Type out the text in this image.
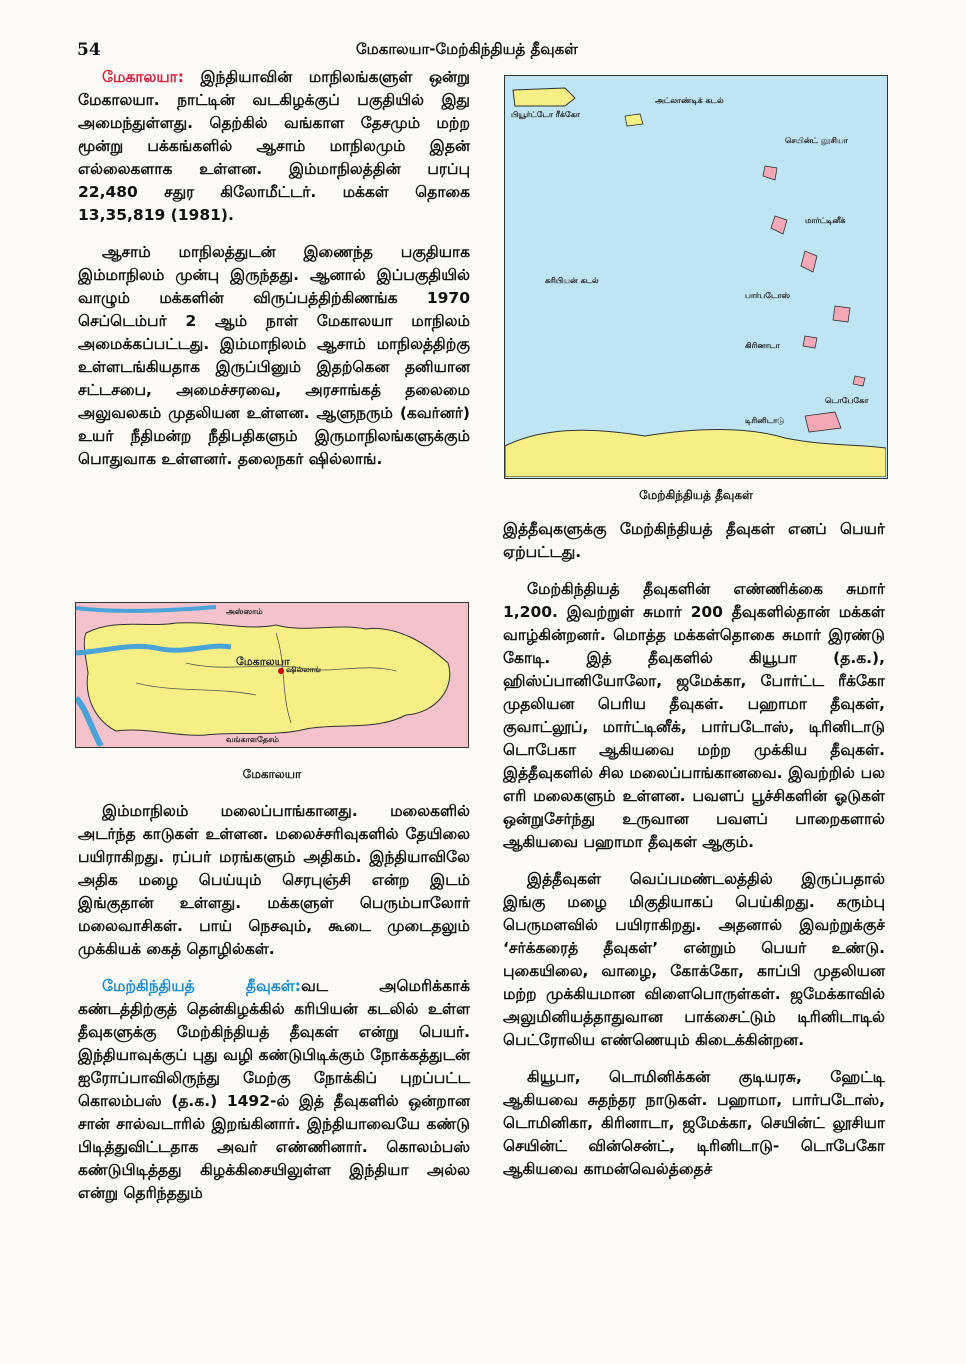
54	மேகாலயா-மேற்கிந்தியத் தீவுகள்

மேகாலயா: இந்தியாவின் மாநிலங்களுள் ஒன்று மேகாலயா. நாட்டின் வடகிழக்குப் பகுதியில் இது அமைந்துள்ளது. தெற்கில் வங்காள தேசமும் மற்ற மூன்று பக்கங்களில் ஆசாம் மாநிலமும் இதன் எல்லைகளாக உள்ளன. இம்மாநிலத்தின் பரப்பு 22,480 சதுர கிலோமீட்டர். மக்கள் தொகை 13,35,819 (1981).

ஆசாம் மாநிலத்துடன் இணைந்த பகுதியாக இம்மாநிலம் முன்பு இருந்தது. ஆனால் இப்பகுதியில் வாழும் மக்களின் விருப்பத்திற்கிணங்க 1970 செப்டெம்பர் 2 ஆம் நாள் மேகாலயா மாநிலம் அமைக்கப்பட்டது. இம்மாநிலம் ஆசாம் மாநிலத்திற்கு உள்ளடங்கியதாக இருப்பினும் இதற்கென தனியான சட்டசபை, அமைச்சரவை, அரசாங்கத் தலைமை அலுவலகம் முதலியன உள்ளன. ஆளுநரும் (கவர்னர்) உயர் நீதிமன்ற நீதிபதிகளும் இருமாநிலங்களுக்கும் பொதுவாக உள்ளனர். தலைநகர் ஷில்லாங்.

அஸ்ஸாம்
மேகாலயா
ஷில்லாங்
வங்காளதேசம்
மேகாலயா

இம்மாநிலம் மலைப்பாங்கானது. மலைகளில் அடர்ந்த காடுகள் உள்ளன. மலைச்சரிவுகளில் தேயிலை பயிராகிறது. ரப்பர் மரங்களும் அதிகம். இந்தியாவிலே அதிக மழை பெய்யும் செரபுஞ்சி என்ற இடம் இங்குதான் உள்ளது. மக்களுள் பெரும்பாலோர் மலைவாசிகள். பாய் நெசவும், கூடை முடைதலும் முக்கியக் கைத் தொழில்கள்.

மேற்கிந்தியத் தீவுகள்:வட அமெரிக்காக் கண்டத்திற்குத் தென்கிழக்கில் கரிபியன் கடலில் உள்ள தீவுகளுக்கு மேற்கிந்தியத் தீவுகள் என்று பெயர். இந்தியாவுக்குப் புது வழி கண்டுபிடிக்கும் நோக்கத்துடன் ஐரோப்பாவிலிருந்து மேற்கு நோக்கிப் புறப்பட்ட கொலம்பஸ் (த.க.) 1492-ல் இத் தீவுகளில் ஒன்றான சான் சால்வடாரில் இறங்கினார். இந்தியாவையே கண்டு பிடித்துவிட்டதாக அவர் எண்ணினார். கொலம்பஸ் கண்டுபிடித்தது கிழக்கிசையிலுள்ள இந்தியா அல்ல என்று தெரிந்ததும்

பியூர்ட்டோ ரீக்கோ
அட்லாண்டிக் கடல்
கரிபியன் கடல்
செயின்ட் லூசியா
மார்ட்டினீக்
பார்படோஸ்
கிரினாடா
டொபேகோ
டிரினிடாடு
மேற்கிந்தியத் தீவுகள்

இத்தீவுகளுக்கு மேற்கிந்தியத் தீவுகள் எனப் பெயர் ஏற்பட்டது.

மேற்கிந்தியத் தீவுகளின் எண்ணிக்கை சுமார் 1,200. இவற்றுள் சுமார் 200 தீவுகளில்தான் மக்கள் வாழ்கின்றனர். மொத்த மக்கள்தொகை சுமார் இரண்டு கோடி. இத் தீவுகளில் கியூபா (த.க.), ஹிஸ்ப்பானியோலோ, ஜமேக்கா, போர்ட்ட ரீக்கோ முதலியன பெரிய தீவுகள். பஹாமா தீவுகள், குவாட்லூப், மார்ட்டினீக், பார்படோஸ், டிரினிடாடு டொபேகா ஆகியவை மற்ற முக்கிய தீவுகள். இத்தீவுகளில் சில மலைப்பாங்கானவை. இவற்றில் பல எரி மலைகளும் உள்ளன. பவளப் பூச்சிகளின் ஓடுகள் ஒன்றுசேர்ந்து உருவான பவளப் பாறைகளால் ஆகியவை பஹாமா தீவுகள் ஆகும்.

இத்தீவுகள் வெப்பமண்டலத்தில் இருப்பதால் இங்கு மழை மிகுதியாகப் பெய்கிறது. கரும்பு பெருமளவில் பயிராகிறது. அதனால் இவற்றுக்குச் ‘சர்க்கரைத் தீவுகள்’ என்றும் பெயர் உண்டு. புகையிலை, வாழை, கோக்கோ, காப்பி முதலியன மற்ற முக்கியமான விளைபொருள்கள். ஜமேக்காவில் அலுமினியத்தாதுவான பாக்சைட்டும் டிரினிடாடில் பெட்ரோலிய எண்ணெயும் கிடைக்கின்றன.

கியூபா, டொமினிக்கன் குடியரசு, ஹேட்டி ஆகியவை சுதந்தர நாடுகள். பஹாமா, பார்படோஸ், டொமினிகா, கிரினாடா, ஜமேக்கா, செயின்ட் லூசியா செயின்ட் வின்சென்ட், டிரினிடாடு- டொபேகோ ஆகியவை காமன்வெல்த்தைச்
